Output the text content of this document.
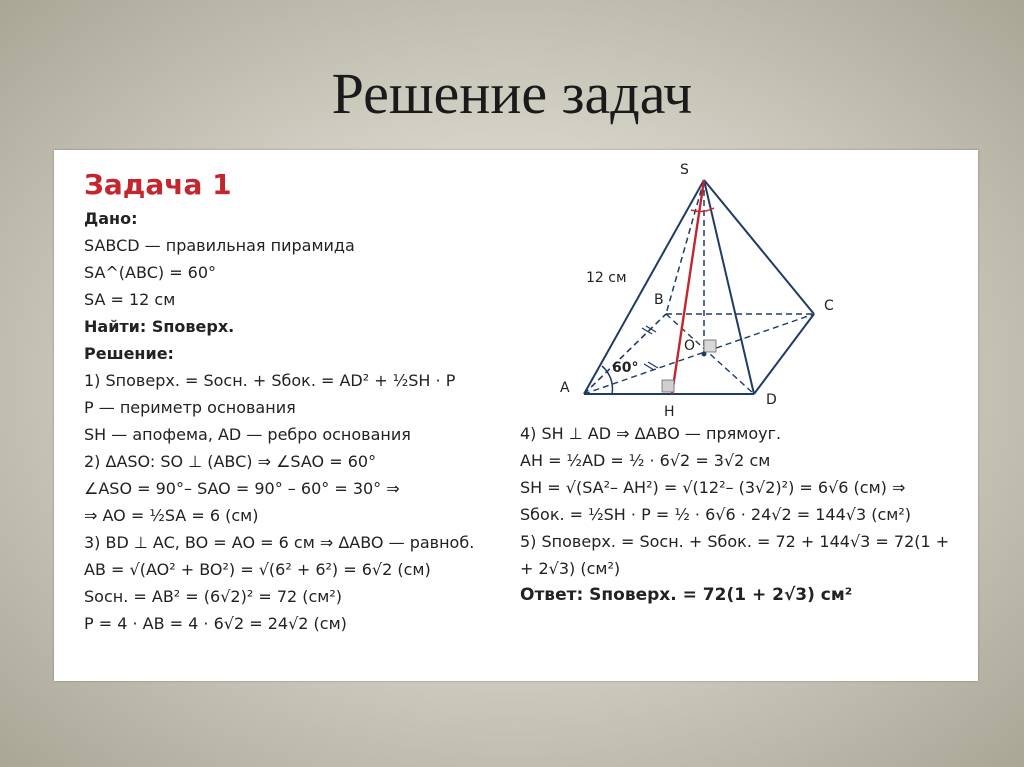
Решение задач
Задача 1
Дано:
SABCD — правильная пирамида
SA^(ABC) = 60°
SA = 12 см
Найти: Sповерх.
Решение:
1) Sповерх. = Sосн. + Sбок. = AD² + ½SH · P
P — периметр основания
SH — апофема, AD — ребро основания
2) ΔASO: SO ⊥ (ABC) ⇒ ∠SAO = 60°
∠ASO = 90°– SAO = 90° – 60° = 30° ⇒
⇒ AO = ½SA = 6 (см)
3) BD ⊥ AC, BO = AO = 6 см ⇒ ΔABO — равноб.
AB = √(AO² + BO²) = √(6² + 6²) = 6√2 (см)
Sосн. = AB² = (6√2)² = 72 (см²)
P = 4 · AB = 4 · 6√2 = 24√2 (см)
S
A
B	C
D
O
H
12 см
60°
4) SH ⊥ AD ⇒ ΔABO — прямоуг.
AH = ½AD = ½ · 6√2 = 3√2 см
SH = √(SA²– AH²) = √(12²– (3√2)²) = 6√6 (см) ⇒
Sбок. = ½SH · P = ½ · 6√6 · 24√2 = 144√3 (см²)
5) Sповерх. = Sосн. + Sбок. = 72 + 144√3 = 72(1 +
+ 2√3) (см²)
Ответ: Sповерх. = 72(1 + 2√3) см²
